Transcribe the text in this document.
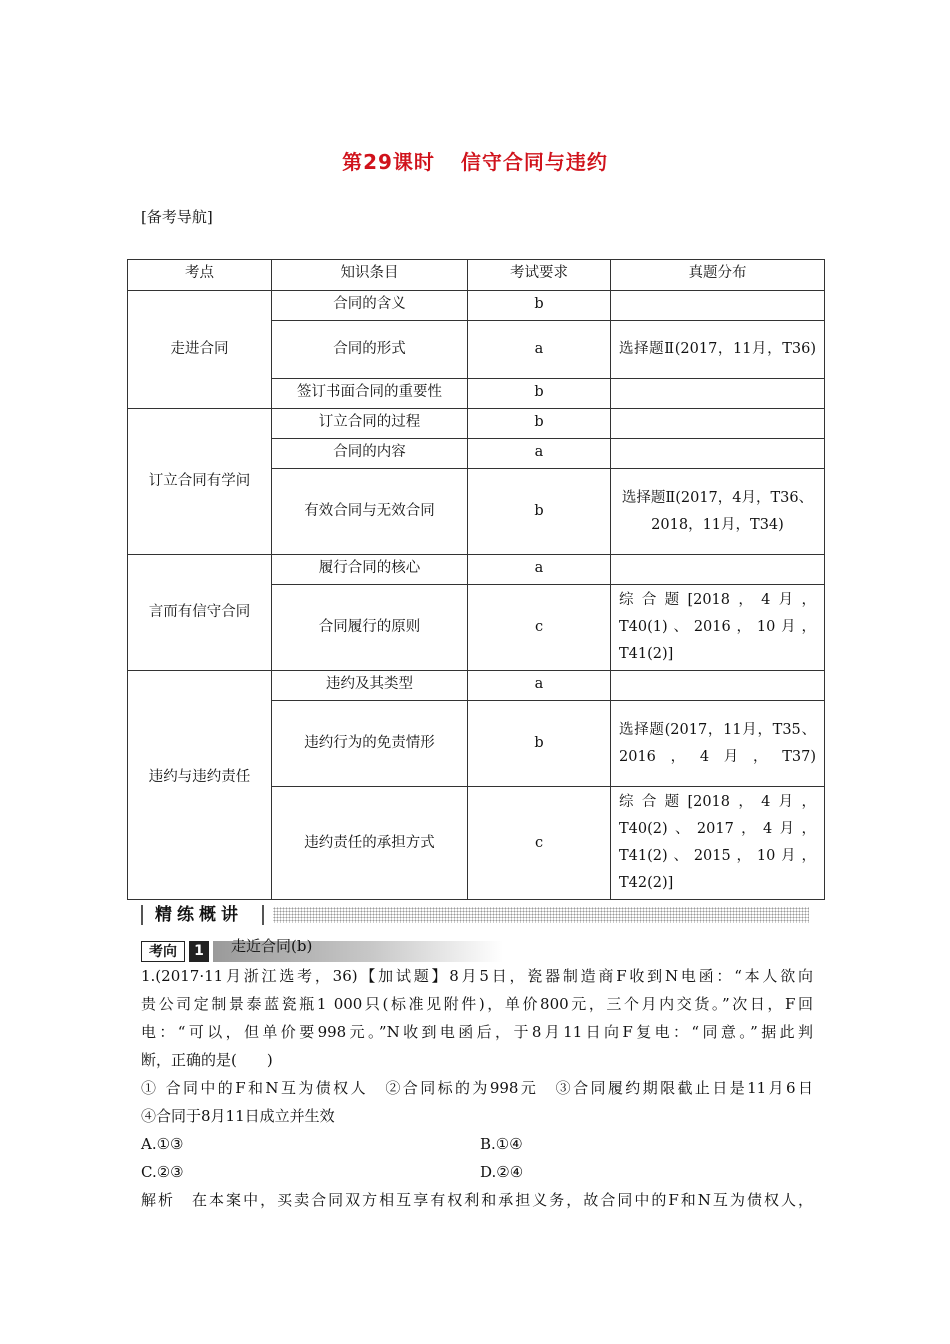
第29课时 信守合同与违约
[备考导航]
考点	知识条目	考试要求	真题分布
走进合同	合同的含义	b	
	合同的形式	a	选择题Ⅱ(2017，11月，T36)
	签订书面合同的重要性	b	
订立合同有学问	订立合同的过程	b	
	合同的内容	a	
	有效合同与无效合同	b	选择题Ⅱ(2017，4月，T36、2018，11月，T34)
言而有信守合同	履行合同的核心	a	
	合同履行的原则	c	综合题[2018，4月，T40(1)、2016，10月，T41(2)]
违约与违约责任	违约及其类型	a	
	违约行为的免责情形	b	选择题(2017，11月，T35、2016，4月，T37)
	违约责任的承担方式	c	综合题[2018，4月，T40(2)、2017，4月，T41(2)、2015，10月，T42(2)]
精练概讲
考向	1	走近合同(b)
1.(2017·11月浙江选考，36)【加试题】8月5日，瓷器制造商F收到N电函：“本人欲向
贵公司定制景泰蓝瓷瓶1 000只(标准见附件)，单价800元，三个月内交货。”次日，F回
电：“可以，但单价要998元。”N收到电函后，于8月11日向F复电：“同意。”据此判
断，正确的是(　　)
① 合同中的F和N互为债权人　②合同标的为998元　③合同履约期限截止日是11月6日
④合同于8月11日成立并生效
A.①③	B.①④
C.②③	D.②④
解析　在本案中，买卖合同双方相互享有权利和承担义务，故合同中的F和N互为债权人，
